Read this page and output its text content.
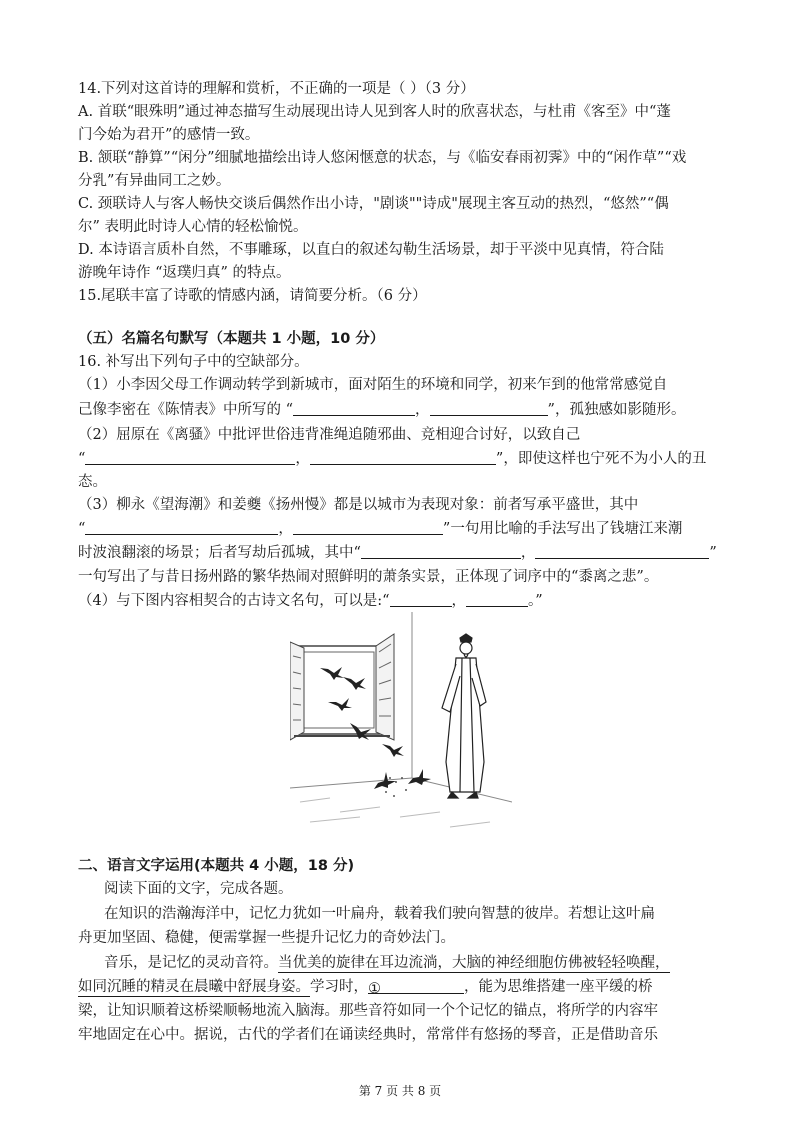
14.下列对这首诗的理解和赏析，不正确的一项是（ ）（3 分）
A. 首联“眼殊明”通过神态描写生动展现出诗人见到客人时的欣喜状态，与杜甫《客至》中“蓬
门今始为君开”的感情一致。
B. 颔联“静算”“闲分”细腻地描绘出诗人悠闲惬意的状态，与《临安春雨初霁》中的“闲作草”“戏
分乳”有异曲同工之妙。
C. 颈联诗人与客人畅快交谈后偶然作出小诗，"剧谈""诗成"展现主客互动的热烈，“悠然”“偶
尔” 表明此时诗人心情的轻松愉悦。
D. 本诗语言质朴自然，不事雕琢，以直白的叙述勾勒生活场景，却于平淡中见真情，符合陆
游晚年诗作 “返璞归真” 的特点。
15.尾联丰富了诗歌的情感内涵，请简要分析。（6 分）
（五）名篇名句默写（本题共 1 小题，10 分）
16. 补写出下列句子中的空缺部分。
（1）小李因父母工作调动转学到新城市，面对陌生的环境和同学，初来乍到的他常常感觉自
己像李密在《陈情表》中所写的 “	，	”，孤独感如影随形。
（2）屈原在《离骚》中批评世俗违背准绳追随邪曲、竞相迎合讨好，以致自己
“	，	”，即使这样也宁死不为小人的丑
态。
（3）柳永《望海潮》和姜夔《扬州慢》都是以城市为表现对象：前者写承平盛世，其中
“	，	”一句用比喻的手法写出了钱塘江来潮
时波浪翻滚的场景；后者写劫后孤城，其中“	，	”
一句写出了与昔日扬州路的繁华热闹对照鲜明的萧条实景，正体现了词序中的“黍离之悲”。
（4）与下图内容相契合的古诗文名句，可以是:“	，	。”
二、语言文字运用(本题共 4 小题，18 分)
阅读下面的文字，完成各题。
在知识的浩瀚海洋中，记忆力犹如一叶扁舟，载着我们驶向智慧的彼岸。若想让这叶扁
舟更加坚固、稳健，便需掌握一些提升记忆力的奇妙法门。
音乐，是记忆的灵动音符。当优美的旋律在耳边流淌，大脑的神经细胞仿佛被轻轻唤醒，
如同沉睡的精灵在晨曦中舒展身姿。学习时，①	，能为思维搭建一座平缓的桥
梁，让知识顺着这桥梁顺畅地流入脑海。那些音符如同一个个记忆的锚点，将所学的内容牢
牢地固定在心中。据说，古代的学者们在诵读经典时，常常伴有悠扬的琴音，正是借助音乐
第 7 页 共 8 页
